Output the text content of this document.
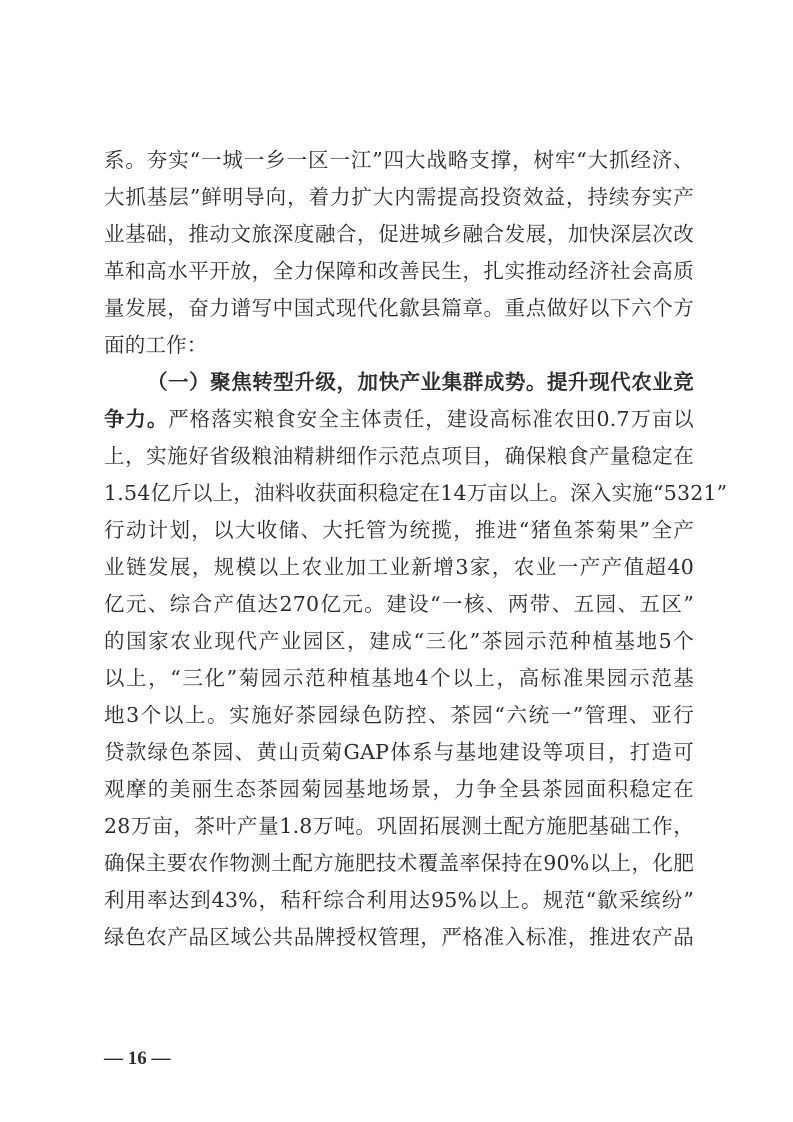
系。夯实“一城一乡一区一江”四大战略支撑，树牢“大抓经济、
大抓基层”鲜明导向，着力扩大内需提高投资效益，持续夯实产
业基础，推动文旅深度融合，促进城乡融合发展，加快深层次改
革和高水平开放，全力保障和改善民生，扎实推动经济社会高质
量发展，奋力谱写中国式现代化歙县篇章。重点做好以下六个方
面的工作：
（一）聚焦转型升级，加快产业集群成势。提升现代农业竞
争力。严格落实粮食安全主体责任，建设高标准农田0.7万亩以
上，实施好省级粮油精耕细作示范点项目，确保粮食产量稳定在
1.54亿斤以上，油料收获面积稳定在14万亩以上。深入实施“5321”
行动计划，以大收储、大托管为统揽，推进“猪鱼茶菊果”全产
业链发展，规模以上农业加工业新增3家，农业一产产值超40
亿元、综合产值达270亿元。建设“一核、两带、五园、五区”
的国家农业现代产业园区，建成“三化”茶园示范种植基地5个
以上，“三化”菊园示范种植基地4个以上，高标准果园示范基
地3个以上。实施好茶园绿色防控、茶园“六统一”管理、亚行
贷款绿色茶园、黄山贡菊GAP体系与基地建设等项目，打造可
观摩的美丽生态茶园菊园基地场景，力争全县茶园面积稳定在
28万亩，茶叶产量1.8万吨。巩固拓展测土配方施肥基础工作，
确保主要农作物测土配方施肥技术覆盖率保持在90%以上，化肥
利用率达到43%，秸秆综合利用达95%以上。规范“歙采缤纷”
绿色农产品区域公共品牌授权管理，严格准入标准，推进农产品
— 16 —
